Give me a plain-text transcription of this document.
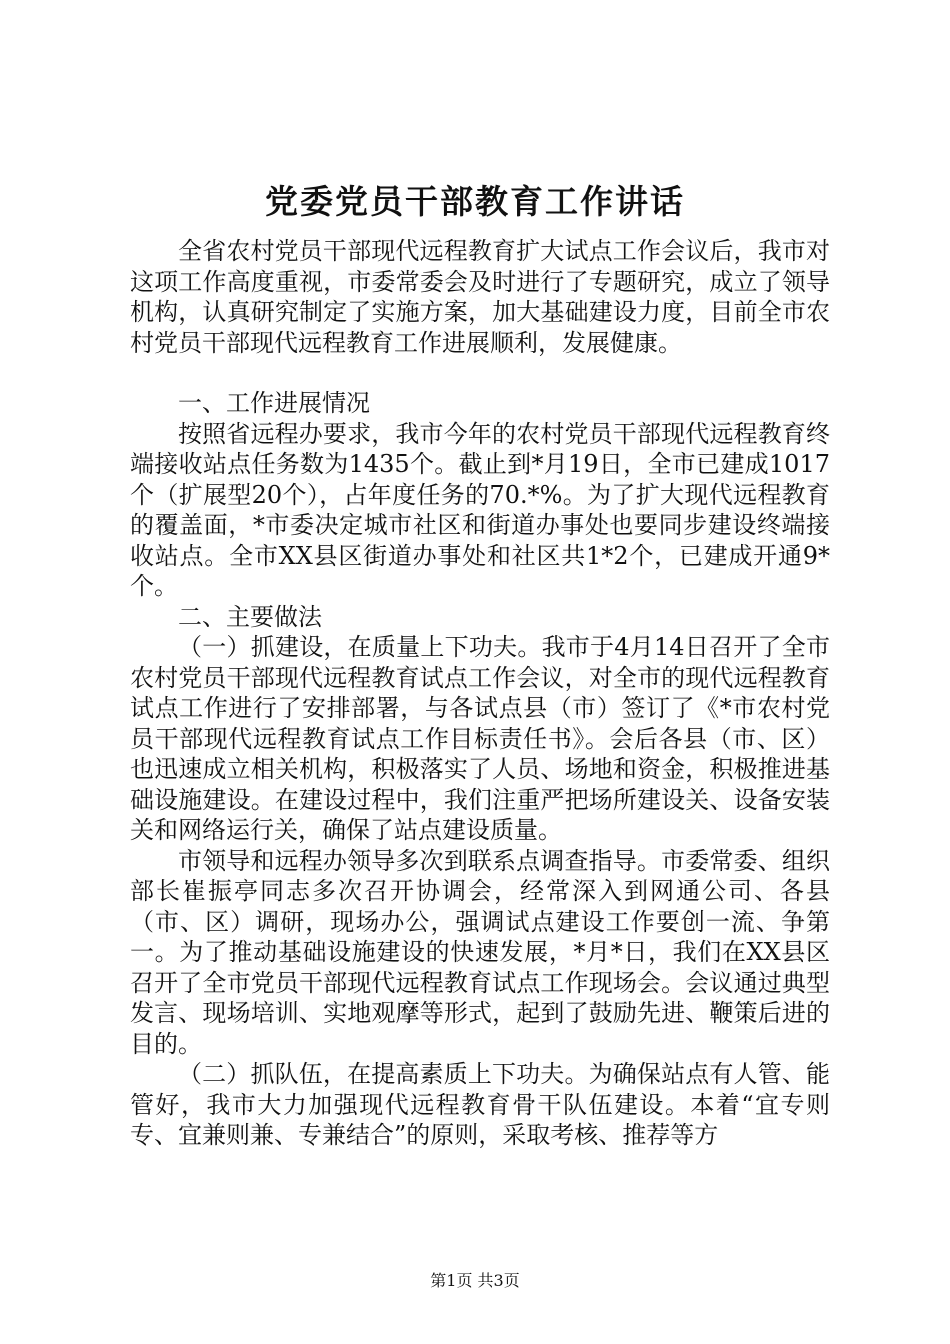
党委党员干部教育工作讲话

全省农村党员干部现代远程教育扩大试点工作会议后，我市对这项工作高度重视，市委常委会及时进行了专题研究，成立了领导机构，认真研究制定了实施方案，加大基础建设力度，目前全市农村党员干部现代远程教育工作进展顺利，发展健康。

一、工作进展情况

按照省远程办要求，我市今年的农村党员干部现代远程教育终端接收站点任务数为1435个。截止到*月19日，全市已建成1017个（扩展型20个），占年度任务的70.*%。为了扩大现代远程教育的覆盖面，*市委决定城市社区和街道办事处也要同步建设终端接收站点。全市XX县区街道办事处和社区共1*2个，已建成开通9*个。

二、主要做法

（一）抓建设，在质量上下功夫。我市于4月14日召开了全市农村党员干部现代远程教育试点工作会议，对全市的现代远程教育试点工作进行了安排部署，与各试点县（市）签订了《*市农村党员干部现代远程教育试点工作目标责任书》。会后各县（市、区）也迅速成立相关机构，积极落实了人员、场地和资金，积极推进基础设施建设。在建设过程中，我们注重严把场所建设关、设备安装关和网络运行关，确保了站点建设质量。

市领导和远程办领导多次到联系点调查指导。市委常委、组织部长崔振亭同志多次召开协调会，经常深入到网通公司、各县（市、区）调研，现场办公，强调试点建设工作要创一流、争第一。为了推动基础设施建设的快速发展，*月*日，我们在XX县区召开了全市党员干部现代远程教育试点工作现场会。会议通过典型发言、现场培训、实地观摩等形式，起到了鼓励先进、鞭策后进的目的。

（二）抓队伍，在提高素质上下功夫。为确保站点有人管、能管好，我市大力加强现代远程教育骨干队伍建设。本着“宜专则专、宜兼则兼、专兼结合”的原则，采取考核、推荐等方

第1页 共3页
